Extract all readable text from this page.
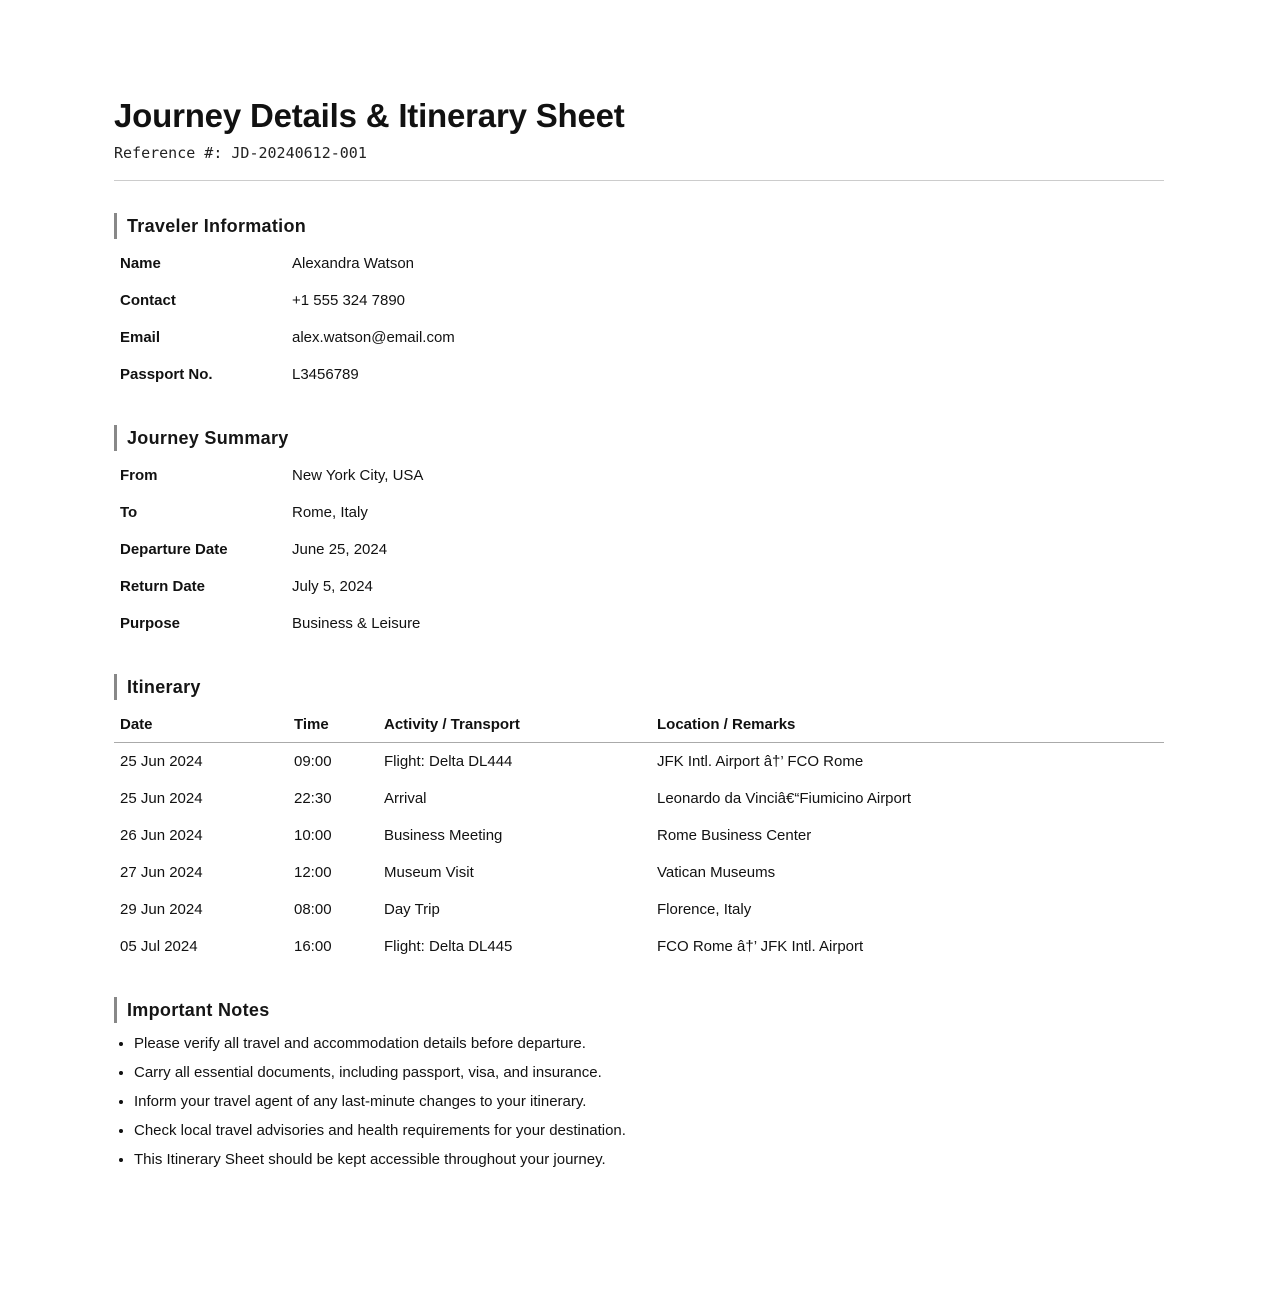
Journey Details & Itinerary Sheet
Reference #: JD-20240612-001
Traveler Information
Name	Alexandra Watson
Contact	+1 555 324 7890
Email	alex.watson@email.com
Passport No.	L3456789
Journey Summary
From	New York City, USA
To	Rome, Italy
Departure Date	June 25, 2024
Return Date	July 5, 2024
Purpose	Business & Leisure
Itinerary
Date	Time	Activity / Transport	Location / Remarks
25 Jun 2024	09:00	Flight: Delta DL444	JFK Intl. Airport â†’ FCO Rome
25 Jun 2024	22:30	Arrival	Leonardo da Vinciâ€“Fiumicino Airport
26 Jun 2024	10:00	Business Meeting	Rome Business Center
27 Jun 2024	12:00	Museum Visit	Vatican Museums
29 Jun 2024	08:00	Day Trip	Florence, Italy
05 Jul 2024	16:00	Flight: Delta DL445	FCO Rome â†’ JFK Intl. Airport
Important Notes
• Please verify all travel and accommodation details before departure.
• Carry all essential documents, including passport, visa, and insurance.
• Inform your travel agent of any last-minute changes to your itinerary.
• Check local travel advisories and health requirements for your destination.
• This Itinerary Sheet should be kept accessible throughout your journey.
